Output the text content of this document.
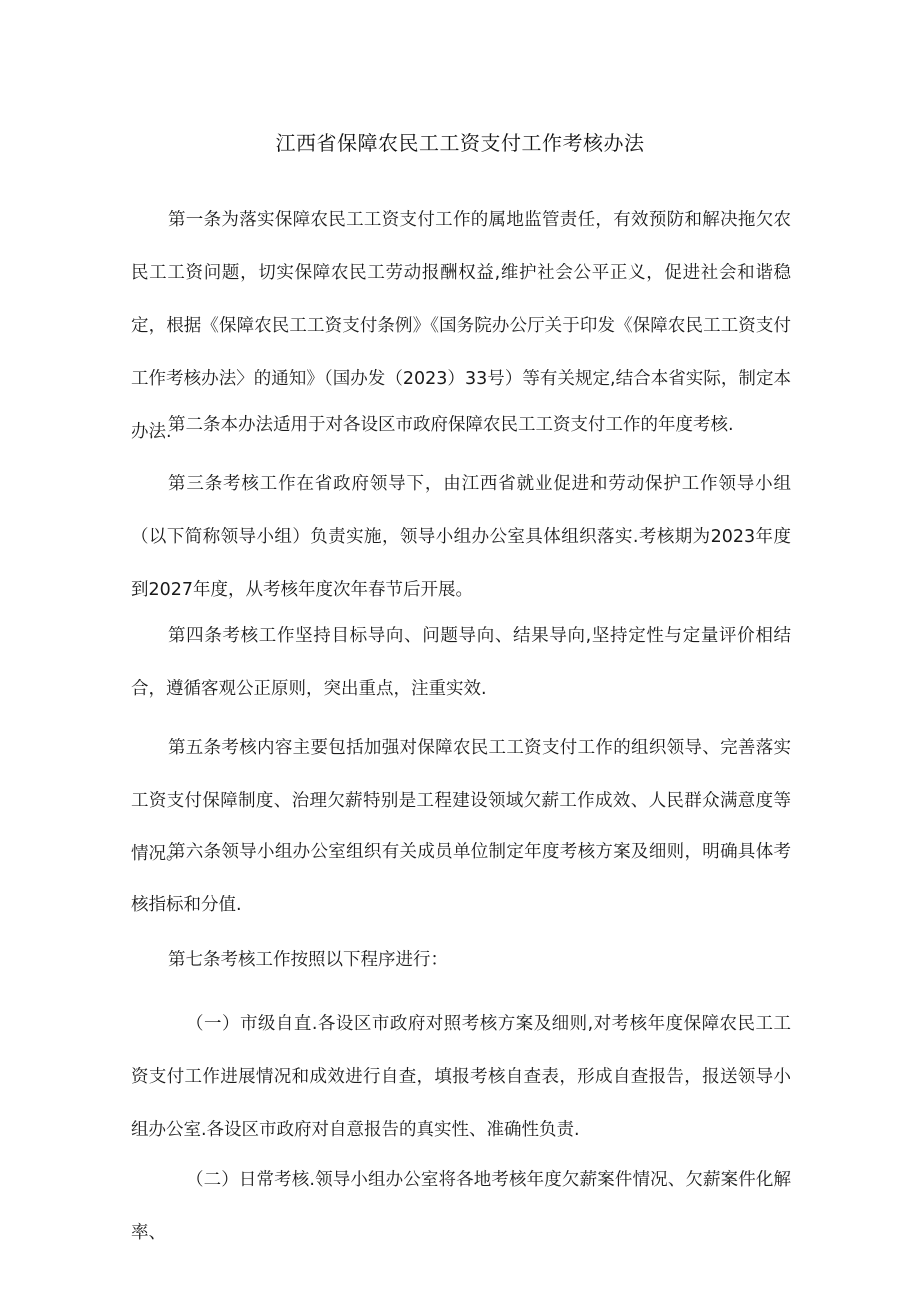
江西省保障农民工工资支付工作考核办法

第一条为落实保障农民工工资支付工作的属地监管责任，有效预防和解决拖欠农民工工资问题，切实保障农民工劳动报酬权益,维护社会公平正义，促进社会和谐稳定，根据《保障农民工工资支付条例》《国务院办公厅关于印发《保障农民工工资支付工作考核办法〉的通知》（国办发（2023）33号）等有关规定,结合本省实际，制定本办法.

第二条本办法适用于对各设区市政府保障农民工工资支付工作的年度考核.

第三条考核工作在省政府领导下，由江西省就业促进和劳动保护工作领导小组（以下简称领导小组）负责实施，领导小组办公室具体组织落实.考核期为2023年度到2027年度，从考核年度次年春节后开展。

第四条考核工作坚持目标导向、问题导向、结果导向,坚持定性与定量评价相结合，遵循客观公正原则，突出重点，注重实效.

第五条考核内容主要包括加强对保障农民工工资支付工作的组织领导、完善落实工资支付保障制度、治理欠薪特别是工程建设领域欠薪工作成效、人民群众满意度等情况。

第六条领导小组办公室组织有关成员单位制定年度考核方案及细则，明确具体考核指标和分值.

第七条考核工作按照以下程序进行：

（一）市级自直.各设区市政府对照考核方案及细则,对考核年度保障农民工工资支付工作进展情况和成效进行自查，填报考核自查表，形成自查报告，报送领导小组办公室.各设区市政府对自意报告的真实性、准确性负责.

（二）日常考核.领导小组办公室将各地考核年度欠薪案件情况、欠薪案件化解率、
